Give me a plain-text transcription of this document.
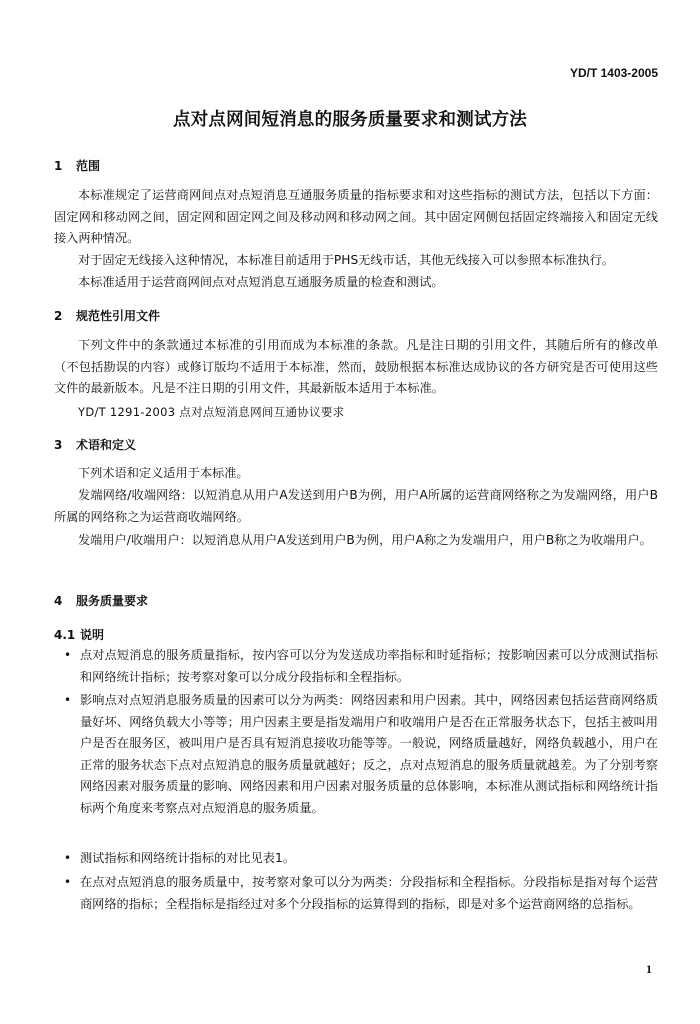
YD/T 1403-2005
点对点网间短消息的服务质量要求和测试方法
1 范围
本标准规定了运营商网间点对点短消息互通服务质量的指标要求和对这些指标的测试方法，包括以下方面：固定网和移动网之间，固定网和固定网之间及移动网和移动网之间。其中固定网侧包括固定终端接入和固定无线接入两种情况。
对于固定无线接入这种情况，本标准目前适用于PHS无线市话，其他无线接入可以参照本标准执行。
本标准适用于运营商网间点对点短消息互通服务质量的检查和测试。
2 规范性引用文件
下列文件中的条款通过本标准的引用而成为本标准的条款。凡是注日期的引用文件，其随后所有的修改单（不包括勘误的内容）或修订版均不适用于本标准，然而，鼓励根据本标准达成协议的各方研究是否可使用这些文件的最新版本。凡是不注日期的引用文件，其最新版本适用于本标准。
YD/T 1291-2003 点对点短消息网间互通协议要求
3 术语和定义
下列术语和定义适用于本标准。
发端网络/收端网络：以短消息从用户A发送到用户B为例，用户A所属的运营商网络称之为发端网络，用户B所属的网络称之为运营商收端网络。
发端用户/收端用户：以短消息从用户A发送到用户B为例，用户A称之为发端用户，用户B称之为收端用户。
4 服务质量要求
4.1 说明
• 点对点短消息的服务质量指标，按内容可以分为发送成功率指标和时延指标；按影响因素可以分成测试指标和网络统计指标；按考察对象可以分成分段指标和全程指标。
• 影响点对点短消息服务质量的因素可以分为两类：网络因素和用户因素。其中，网络因素包括运营商网络质量好坏、网络负载大小等等；用户因素主要是指发端用户和收端用户是否在正常服务状态下，包括主被叫用户是否在服务区，被叫用户是否具有短消息接收功能等等。一般说，网络质量越好，网络负载越小，用户在正常的服务状态下点对点短消息的服务质量就越好；反之，点对点短消息的服务质量就越差。为了分别考察网络因素对服务质量的影响、网络因素和用户因素对服务质量的总体影响，本标准从测试指标和网络统计指标两个角度来考察点对点短消息的服务质量。
• 测试指标和网络统计指标的对比见表1。
• 在点对点短消息的服务质量中，按考察对象可以分为两类：分段指标和全程指标。分段指标是指对每个运营商网络的指标；全程指标是指经过对多个分段指标的运算得到的指标，即是对多个运营商网络的总指标。
1
